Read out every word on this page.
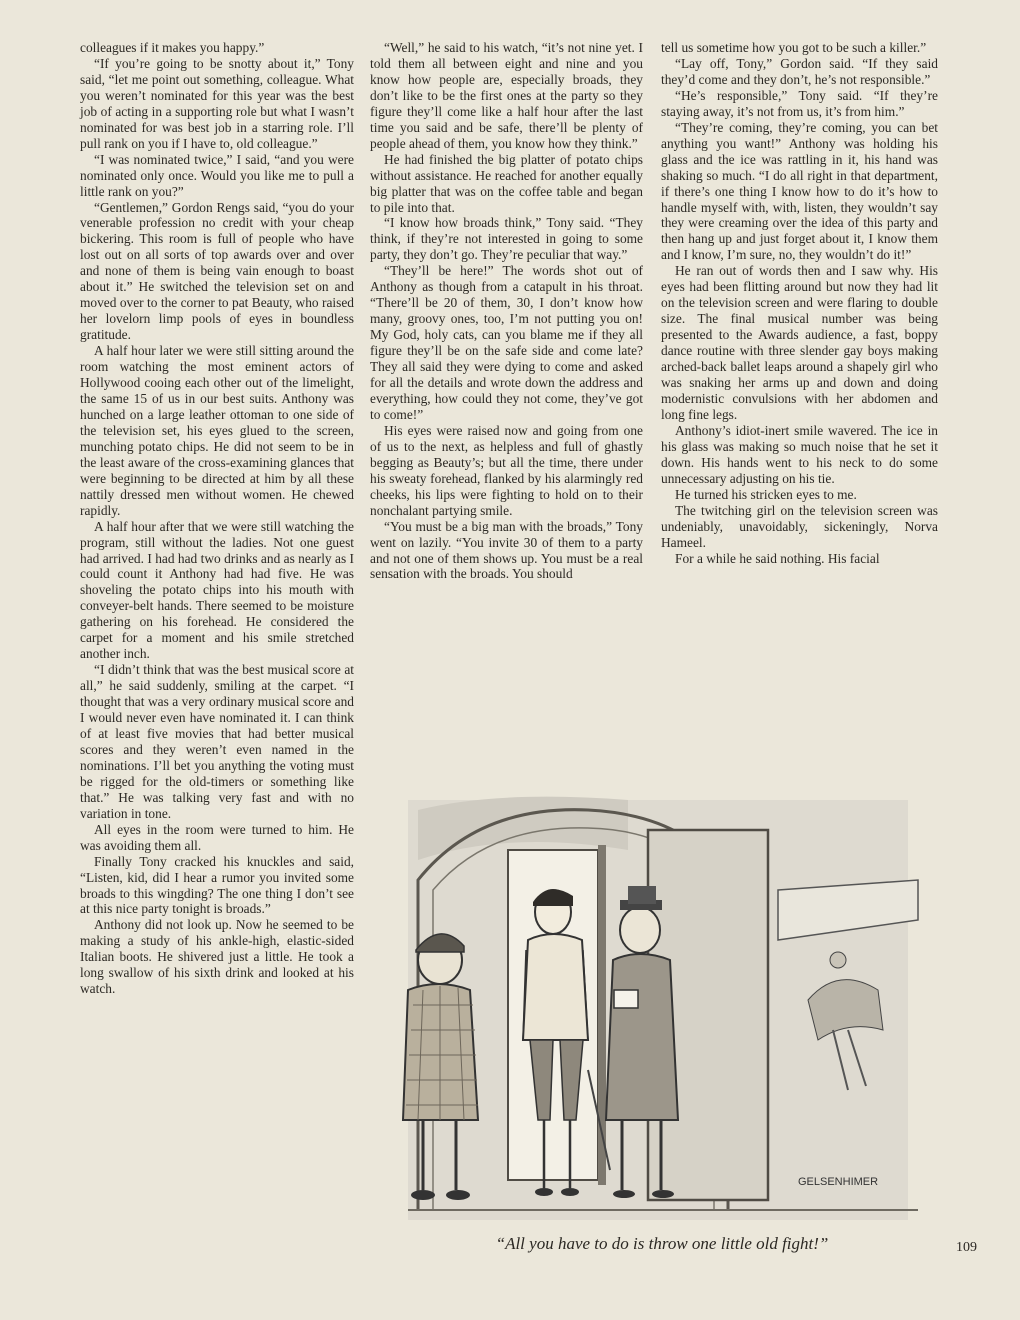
colleagues if it makes you happy.”

“If you’re going to be snotty about it,” Tony said, “let me point out something, colleague. What you weren’t nominated for this year was the best job of acting in a supporting role but what I wasn’t nominated for was best job in a starring role. I’ll pull rank on you if I have to, old colleague.”

“I was nominated twice,” I said, “and you were nominated only once. Would you like me to pull a little rank on you?”

“Gentlemen,” Gordon Rengs said, “you do your venerable profession no credit with your cheap bickering. This room is full of people who have lost out on all sorts of top awards over and over and none of them is being vain enough to boast about it.” He switched the television set on and moved over to the corner to pat Beauty, who raised her lovelorn limp pools of eyes in boundless gratitude.

A half hour later we were still sitting around the room watching the most eminent actors of Hollywood cooing each other out of the limelight, the same 15 of us in our best suits. Anthony was hunched on a large leather ottoman to one side of the television set, his eyes glued to the screen, munching potato chips. He did not seem to be in the least aware of the cross-examining glances that were beginning to be directed at him by all these nattily dressed men without women. He chewed rapidly.

A half hour after that we were still watching the program, still without the ladies. Not one guest had arrived. I had had two drinks and as nearly as I could count it Anthony had had five. He was shoveling the potato chips into his mouth with conveyer-belt hands. There seemed to be moisture gathering on his forehead. He considered the carpet for a moment and his smile stretched another inch.

“I didn’t think that was the best musical score at all,” he said suddenly, smiling at the carpet. “I thought that was a very ordinary musical score and I would never even have nominated it. I can think of at least five movies that had better musical scores and they weren’t even named in the nominations. I’ll bet you anything the voting must be rigged for the old-timers or something like that.” He was talking very fast and with no variation in tone.

All eyes in the room were turned to him. He was avoiding them all.

Finally Tony cracked his knuckles and said, “Listen, kid, did I hear a rumor you invited some broads to this wingding? The one thing I don’t see at this nice party tonight is broads.”

Anthony did not look up. Now he seemed to be making a study of his ankle-high, elastic-sided Italian boots. He shivered just a little. He took a long swallow of his sixth drink and looked at his watch.

“Well,” he said to his watch, “it’s not nine yet. I told them all between eight and nine and you know how people are, especially broads, they don’t like to be the first ones at the party so they figure they’ll come like a half hour after the last time you said and be safe, there’ll be plenty of people ahead of them, you know how they think.”

He had finished the big platter of potato chips without assistance. He reached for another equally big platter that was on the coffee table and began to pile into that.

“I know how broads think,” Tony said. “They think, if they’re not interested in going to some party, they don’t go. They’re peculiar that way.”

“They’ll be here!” The words shot out of Anthony as though from a catapult in his throat. “There’ll be 20 of them, 30, I don’t know how many, groovy ones, too, I’m not putting you on! My God, holy cats, can you blame me if they all figure they’ll be on the safe side and come late? They all said they were dying to come and asked for all the details and wrote down the address and everything, how could they not come, they’ve got to come!”

His eyes were raised now and going from one of us to the next, as helpless and full of ghastly begging as Beauty’s; but all the time, there under his sweaty forehead, flanked by his alarmingly red cheeks, his lips were fighting to hold on to their nonchalant partying smile.

“You must be a big man with the broads,” Tony went on lazily. “You invite 30 of them to a party and not one of them shows up. You must be a real sensation with the broads. You should

tell us sometime how you got to be such a killer.”

“Lay off, Tony,” Gordon said. “If they said they’d come and they don’t, he’s not responsible.”

“He’s responsible,” Tony said. “If they’re staying away, it’s not from us, it’s from him.”

“They’re coming, they’re coming, you can bet anything you want!” Anthony was holding his glass and the ice was rattling in it, his hand was shaking so much. “I do all right in that department, if there’s one thing I know how to do it’s how to handle myself with, with, listen, they wouldn’t say they were creaming over the idea of this party and then hang up and just forget about it, I know them and I know, I’m sure, no, they wouldn’t do it!”

He ran out of words then and I saw why. His eyes had been flitting around but now they had lit on the television screen and were flaring to double size. The final musical number was being presented to the Awards audience, a fast, boppy dance routine with three slender gay boys making arched-back ballet leaps around a shapely girl who was snaking her arms up and down and doing modernistic convulsions with her abdomen and long fine legs.

Anthony’s idiot-inert smile wavered. The ice in his glass was making so much noise that he set it down. His hands went to his neck to do some unnecessary adjusting on his tie.

He turned his stricken eyes to me.

The twitching girl on the television screen was undeniably, unavoidably, sickeningly, Norva Hameel.

For a while he said nothing. His facial

GELSENHIMER
“All you have to do is throw one little old fight!”	109
